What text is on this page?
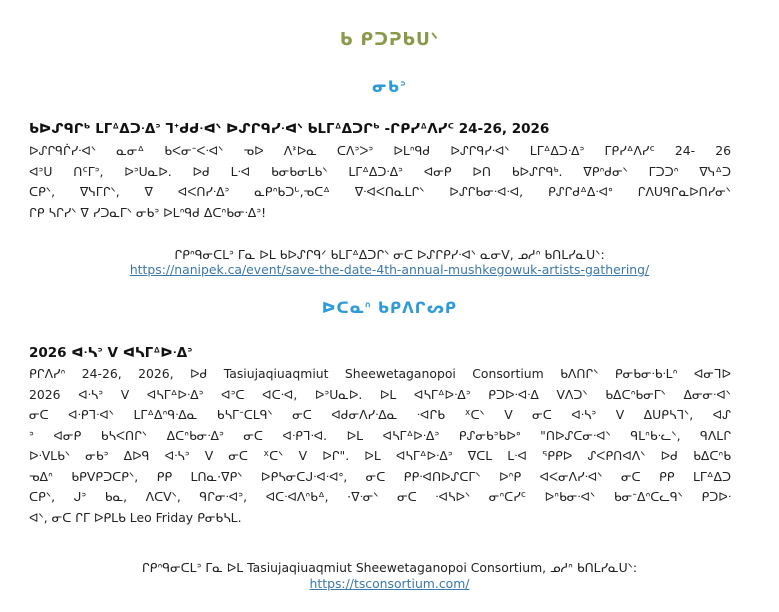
ᑲ ᑭᑐᕈᑲᑌᐠ
ᓂᑲᐣ
ᑲᐅᔑᑫᒋᒃ ᒪᒥᐞᐃᑐᐧᐃᐣ ᒣᕀᑯᑯᐧᐊᐠ ᐅᔑᒋᑫᓯᐧᐊᐠ ᑲᒪᒥᐞᐃᑐᒋᒃ -ᒋᑭᓯᐞᐱᓯᑦ 24-26, 2026

ᐅᔑᒋᑫᒌᓯᐧᐊᐠ ᓇᓂᐞ ᑲᐸᓂᐨᐸᐧᐊᐠ ᓀᐅ ᐱᕑᐅᓇ ᑕᐱᐣᐳᐣ ᐅᒪᐢᑫᑯ ᐅᔑᒋᑫᓯᐧᐊᐠ ᒪᒥᐞᐃᑐᐧᐃᐣ ᒥᑭᓯᐞᐱᓯᑦ 24- 26

ᐊᐣᑌ ᑎᑦᒥᐣ, ᐅᐣᑌᓇᐅ. ᐅᑯ ᒪᐧᐊ ᑲᓂᑲᓂᒪᑲᐠ ᒪᒥᐞᐃᑐᐧᐃᐣ ᐊᓂᑭ ᐅᑎ ᑲᐅᔑᒋᑫᒃ. ᐁᑭᐢᑯᓂᐠ ᒥᑐᑐᐢ ᐁᓭᐞᑐ

ᑕᑭᐠ, ᐁᓭᒥᒋᐠ, ᐁ ᐊᐸᑎᓯᐧᐃᐣ ᓇᑭᐢᑲᑐᒡ,ᓀᑕᐞ ᐁᐧᐊᐸᑎᓇᒪᒋᐠ ᐅᔑᒋᑲᓂᐧᐊᐧᐊ, ᑭᔑᒋᑯᐞᐃᐧᐊᐤ ᒋᐱᑌᑫᒋᓇᐅᑎᓯᓂᐠ

ᒋᑭ ᓴᒋᓯᐠ ᐁ ᓯᑐᓇᒥᐠ ᓂᑲᐣ ᐅᒪᐢᑫᑯ ᐃᑕᐢᑲᓂᐧᐃᐣ!

ᒋᑭᐢᑫᓂᑕᒪᐣ ᒥᓇ ᐅᒪ ᑲᐅᔑᒋᑫᐟ ᑲᒪᒥᐞᐃᑐᒋᐠ ᓂᑕ ᐅᔑᒋᑭᓯᐧᐊᐠ ᓇᓂᐯ, ᓄᓱᐢ ᑲᑎᒪᓯᓇᑌᐠ:
https://nanipek.ca/event/save-the-date-4th-annual-mushkegowuk-artists-gathering/
ᐅᑕᓇᐢ ᑲᑭᐱᒋᔕᑭ
2026 ᐊᐧᓴᐣ ᐯ ᐊᓴᒥᐞᐅᐧᐃᐣ

ᑭᒋᐱᓯᐢ 24-26, 2026, ᐅᑯ Tasiujaqiuaqmiut Sheewetaganopoi Consortium ᑲᐱᑎᒋᐠ ᑭᓂᑲᓂᐧᑲᐧᒪᐢ ᐊᓂᒣᐅ

2026 ᐊᐧᓴᐣ ᐯ ᐊᓴᒥᐞᐅᐧᐃᐣ ᐊᐣᑕ ᐊᑕᐧᐊ, ᐅᐣᑌᓇᐅ. ᐅᒪ ᐊᓴᒥᐞᐅᐧᐃᐣ ᑭᑐᐅᐧᐊᐧᐃ ᐯᐱᑐᐠ ᑲᐃᑕᐢᑲᓂᒥᐠ ᐃᓂᓂᐧᐊᐠ

ᓂᑕ ᐊᐧᑭᒣᐧᐊᐠ ᒪᒥᐞᐃᐢᑫᐧᐃᓇ ᑲᓴᒥᐨᑕᒪᑫᐠ ᓂᑕ ᐊᑯᓂᐱᓯᐧᐃᓇ ᐧᐊᒋᑲ ᕽᑕᐠ ᐯ ᓂᑕ ᐊᐧᓴᐣ ᐯ ᐃᑌᑭᓴᒣᐠ, ᐊᔑ

ᐣ ᐊᓂᑭ ᑲᓴᐸᑎᒋᐠ ᐃᑕᐢᑲᓂᐧᐃᐣ ᓂᑕ ᐊᐧᑭᒣᐧᐊ. ᐅᒪ ᐊᓴᒥᐞᐅᐧᐃᐣ ᑭᔑᓂᑲᐣᑲᐅᐤ "ᑎᐅᔑᑕᓂᐧᐊᐠ ᑫᒪᐢᑲᐧᓚᐠ, ᑫᐱᒪᒋ

ᐅᐧᐯᒪᑲᐠ ᓂᑲᐣ ᐃᐅᑫ ᐊᐧᓴᐣ ᐯ ᓂᑕ ᕽᑕᐠ ᐯ ᐅᒋ". ᐅᒪ ᐊᓴᒥᐞᐅᐧᐃᐣ ᐁᑕᒪ ᒪᐧᐊ ᕿᑭᐅ ᔑᐸᑭᑎᐊᐱᐠ ᐅᑯ ᑲᐃᑕᐢᑲ

ᓀᐃᐢ ᑲᑭᐯᑭᑐᑕᑭᐠ, ᑭᑭ ᒪᑎᓇ·ᐁᑭᐠ ᐅᑭᓴᓂᑕᒍᐧᐊᐧᐊᐤ, ᓂᑕ ᑭᑭᐧᐊᑎᐅᔑᑕᒥᐠ ᐅᐢᑭ ᐊᐸᓂᐱᓯᐧᐊᐠ ᓂᑕ ᑭᑭ ᒪᒥᐞᐃᑐ

ᑕᑭᐠ, ᒍᐣ ᑲᓇ, ᐱᑕᐯᐠ, ᑫᒋᓂᐧᐊᐣ, ᐊᑕᐧᐊᐱᐢᑲᐞ, ·ᐁᐧᓂᐠ ᓂᑕ ᐧᐊᓴᐅᐠ ᓂᐢᑕᓯᑦ ᐅᐢᑲᓂᐧᐊᐠ ᑲᓂᐨᐃᐢᑕᓚᑫᐠ ᑭᑐᐅᐧ

ᐊᐠ, ᓂᑕ ᒋᒥ ᐅᑭᒪᑲ Leo Friday ᑭᓂᑲᓴᒪ.

ᒋᑭᐢᑫᓂᑕᒪᐣ ᒥᓇ ᐅᒪ Tasiujaqiuaqmiut Sheewetaganopoi Consortium, ᓄᓱᐢ ᑲᑎᒪᓯᓇᑌᐠ:
https://tsconsortium.com/
